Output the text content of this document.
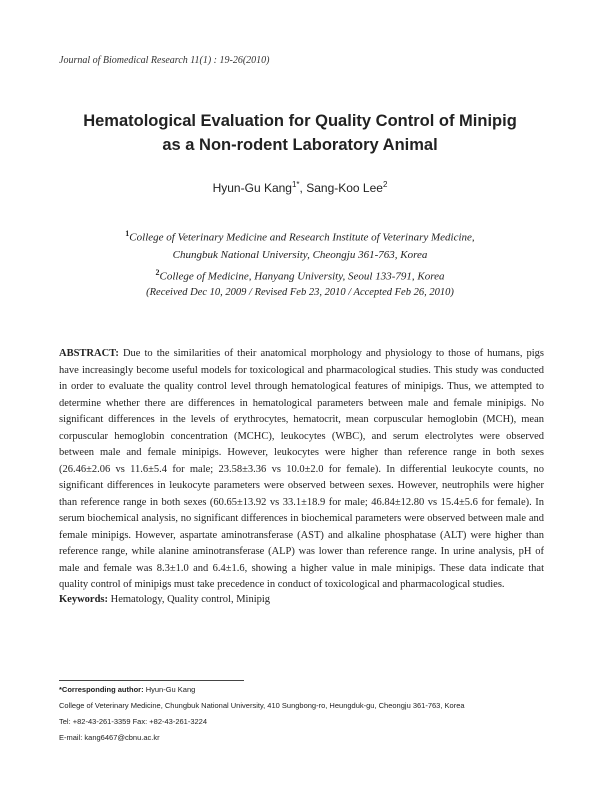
Journal of Biomedical Research 11(1) : 19-26(2010)
Hematological Evaluation for Quality Control of Minipig
as a Non-rodent Laboratory Animal
Hyun-Gu Kang$^{1*}$, Sang-Koo Lee$^2$
$^1$College of Veterinary Medicine and Research Institute of Veterinary Medicine,
Chungbuk National University, Cheongju 361-763, Korea
$^2$College of Medicine, Hanyang University, Seoul 133-791, Korea
(Received Dec 10, 2009 / Revised Feb 23, 2010 / Accepted Feb 26, 2010)

ABSTRACT: Due to the similarities of their anatomical morphology and physiology to those of humans, pigs have increasingly become useful models for toxicological and pharmacological studies. This study was conducted in order to evaluate the quality control level through hematological features of minipigs. Thus, we attempted to determine whether there are differences in hematological parameters between male and female minipigs. No significant differences in the levels of erythrocytes, hematocrit, mean corpuscular hemoglobin (MCH), mean corpuscular hemoglobin concentration (MCHC), leukocytes (WBC), and serum electrolytes were observed between male and female minipigs. However, leukocytes were higher than reference range in both sexes (26.46±2.06 vs 11.6±5.4 for male; 23.58±3.36 vs 10.0±2.0 for female). In differential leukocyte counts, no significant differences in leukocyte parameters were observed between sexes. However, neutrophils were higher than reference range in both sexes (60.65±13.92 vs 33.1±18.9 for male; 46.84±12.80 vs 15.4±5.6 for female). In serum biochemical analysis, no significant differences in biochemical parameters were observed between male and female minipigs. However, aspartate aminotransferase (AST) and alkaline phosphatase (ALT) were higher than reference range, while alanine aminotransferase (ALP) was lower than reference range. In urine analysis, pH of male and female was 8.3±1.0 and 6.4±1.6, showing a higher value in male minipigs. These data indicate that quality control of minipigs must take precedence in conduct of toxicological and pharmacological studies.

Keywords: Hematology, Quality control, Minipig

*Corresponding author: Hyun-Gu Kang
College of Veterinary Medicine, Chungbuk National University, 410 Sungbong-ro, Heungduk-gu, Cheongju 361-763, Korea
Tel: +82-43-261-3359 Fax: +82-43-261-3224
E-mail: kang6467@cbnu.ac.kr
